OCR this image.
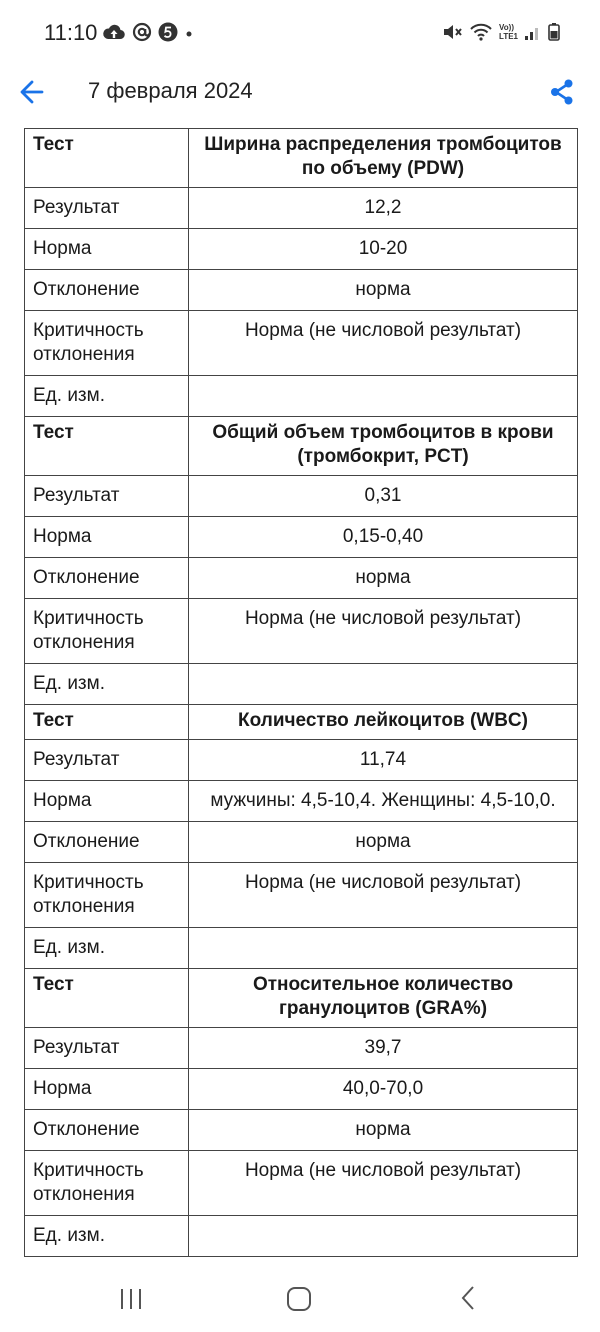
11:10	Vo))
LTE1
7 февраля 2024
Тест	Ширина распределения тромбоцитов по объему (PDW)
Результат	12,2
Норма	10-20
Отклонение	норма
Критичность отклонения	Норма (не числовой результат)
Ед. изм.	
Тест	Общий объем тромбоцитов в крови (тромбокрит, PCT)
Результат	0,31
Норма	0,15-0,40
Отклонение	норма
Критичность отклонения	Норма (не числовой результат)
Ед. изм.	
Тест	Количество лейкоцитов (WBC)
Результат	11,74
Норма	мужчины: 4,5-10,4. Женщины: 4,5-10,0.
Отклонение	норма
Критичность отклонения	Норма (не числовой результат)
Ед. изм.	
Тест	Относительное количество гранулоцитов (GRA%)
Результат	39,7
Норма	40,0-70,0
Отклонение	норма
Критичность отклонения	Норма (не числовой результат)
Ед. изм.	
